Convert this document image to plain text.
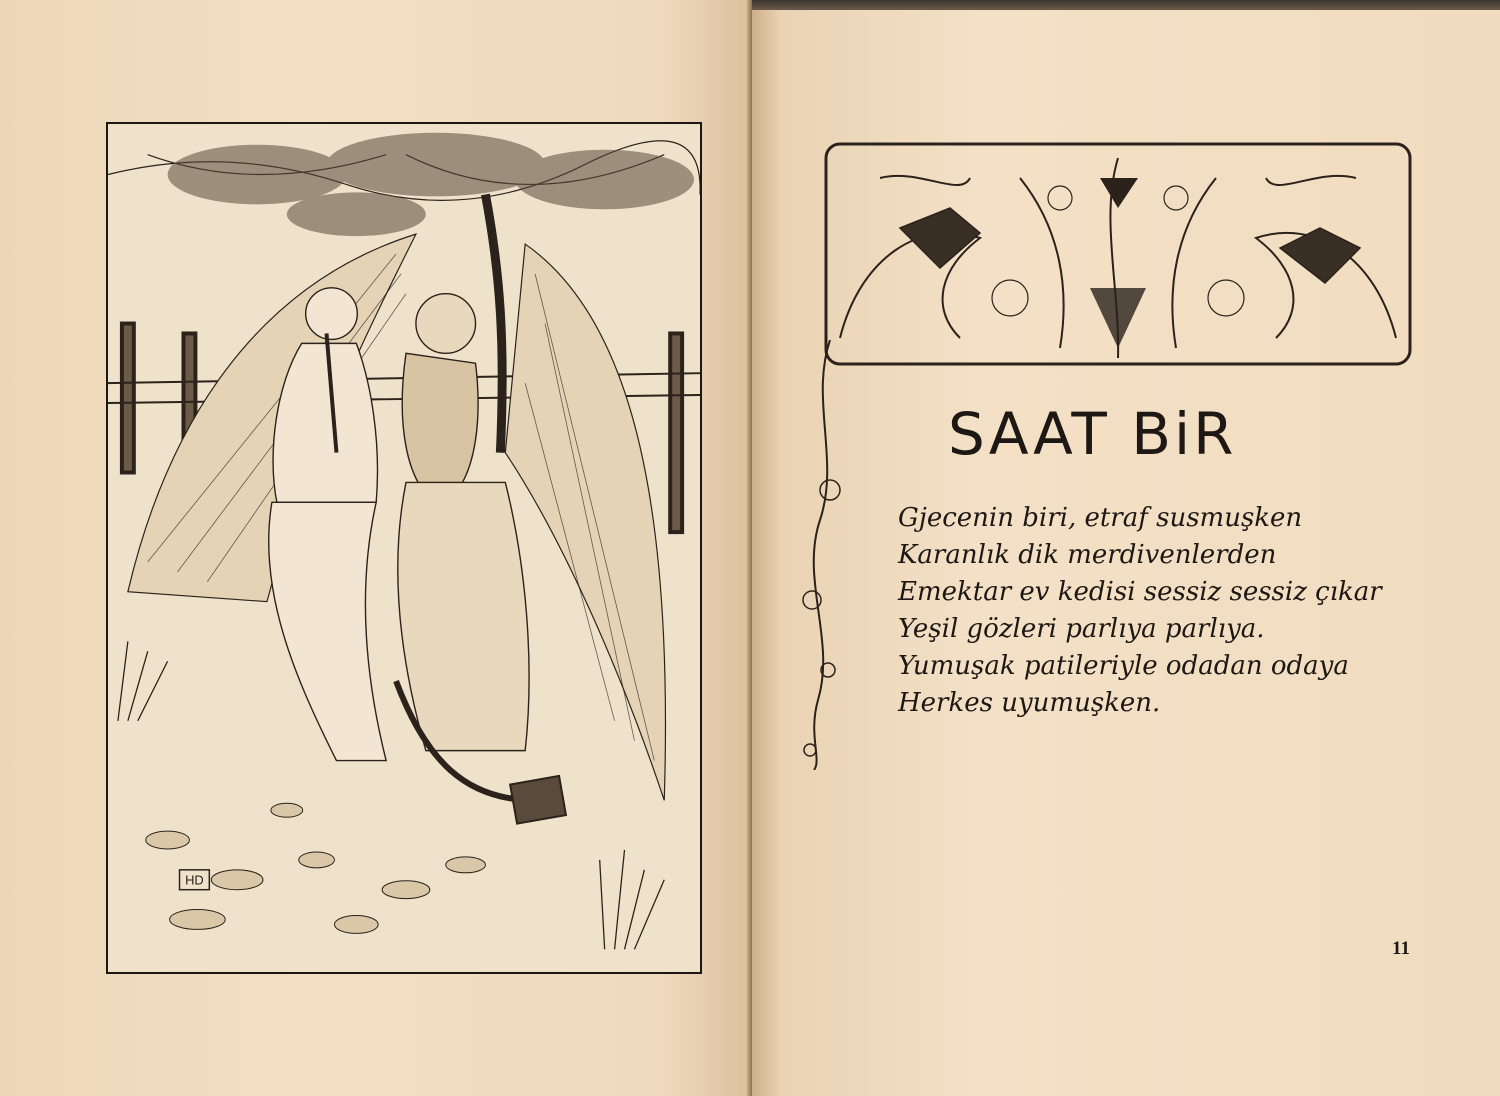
HD
SAAT BiR
Gjecenin biri, etraf susmuşken
Karanlık dik merdivenlerden
Emektar ev kedisi sessiz sessiz çıkar
Yeşil gözleri parlıya parlıya.
Yumuşak patileriyle odadan odaya
Herkes uyumuşken.
11
